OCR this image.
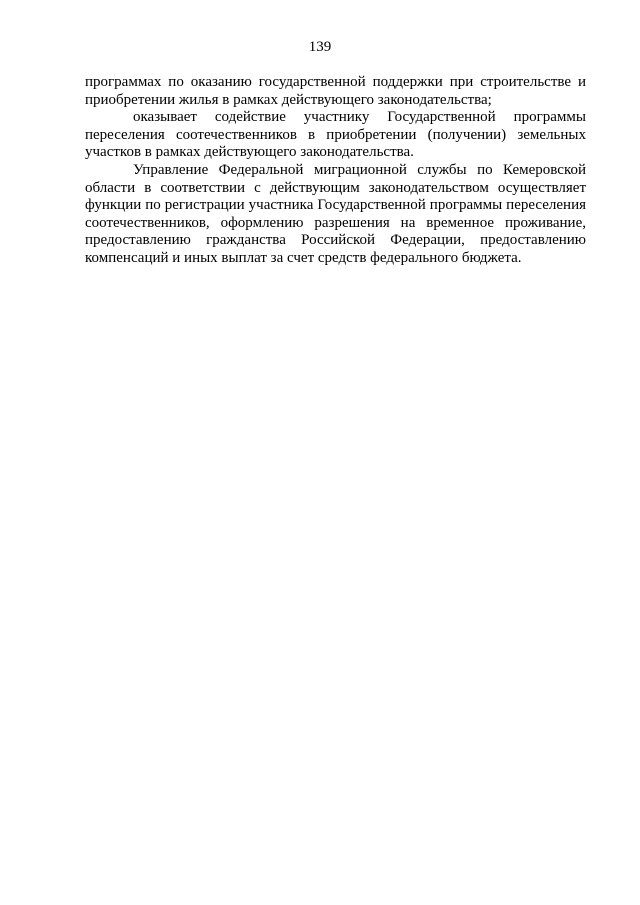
139

программах по оказанию государственной поддержки при строительстве и приобретении жилья в рамках действующего законодательства;

оказывает содействие участнику Государственной программы переселения соотечественников в приобретении (получении) земельных участков в рамках действующего законодательства.

Управление Федеральной миграционной службы по Кемеровской области в соответствии с действующим законодательством осуществляет функции по регистрации участника Государственной программы переселения соотечественников, оформлению разрешения на временное проживание, предоставлению гражданства Российской Федерации, предоставлению компенсаций и иных выплат за счет средств федерального бюджета.
